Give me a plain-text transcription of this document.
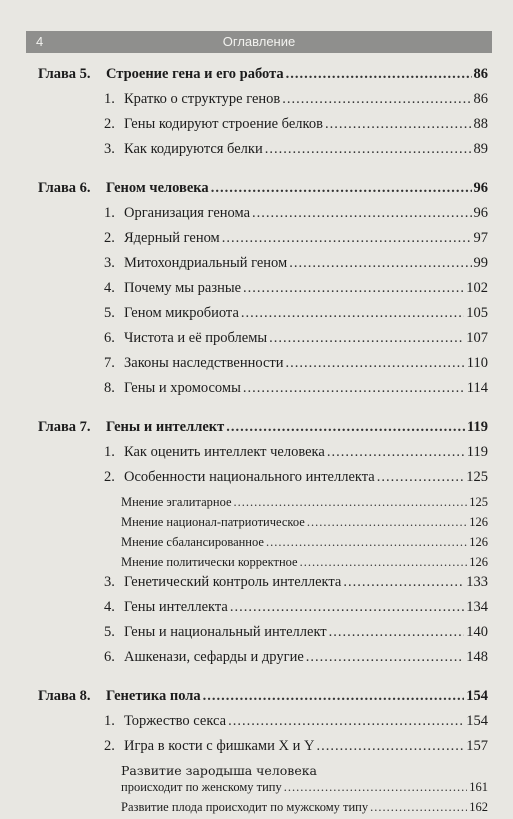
4	Оглавление
Глава 5. Строение гена и его работа .....	86
1. Кратко о структуре генов .....	86
2. Гены кодируют строение белков .....	88
3. Как кодируются белки .....	89
Глава 6. Геном человека .....	96
1. Организация генома .....	96
2. Ядерный геном .....	97
3. Митохондриальный геном .....	99
4. Почему мы разные .....	102
5. Геном микробиота .....	105
6. Чистота и её проблемы .....	107
7. Законы наследственности .....	110
8. Гены и хромосомы .....	114
Глава 7. Гены и интеллект .....	119
1. Как оценить интеллект человека .....	119
2. Особенности национального интеллекта .....	125
Мнение эгалитарное .....	125
Мнение национал-патриотическое .....	126
Мнение сбалансированное .....	126
Мнение политически корректное .....	126
3. Генетический контроль интеллекта .....	133
4. Гены интеллекта .....	134
5. Гены и национальный интеллект .....	140
6. Ашкенази, сефарды и другие .....	148
Глава 8. Генетика пола .....	154
1. Торжество секса .....	154
2. Игра в кости с фишками X и Y .....	157
Развитие зародыша человека
происходит по женскому типу .....	161
Развитие плода происходит по мужскому типу .....	162
